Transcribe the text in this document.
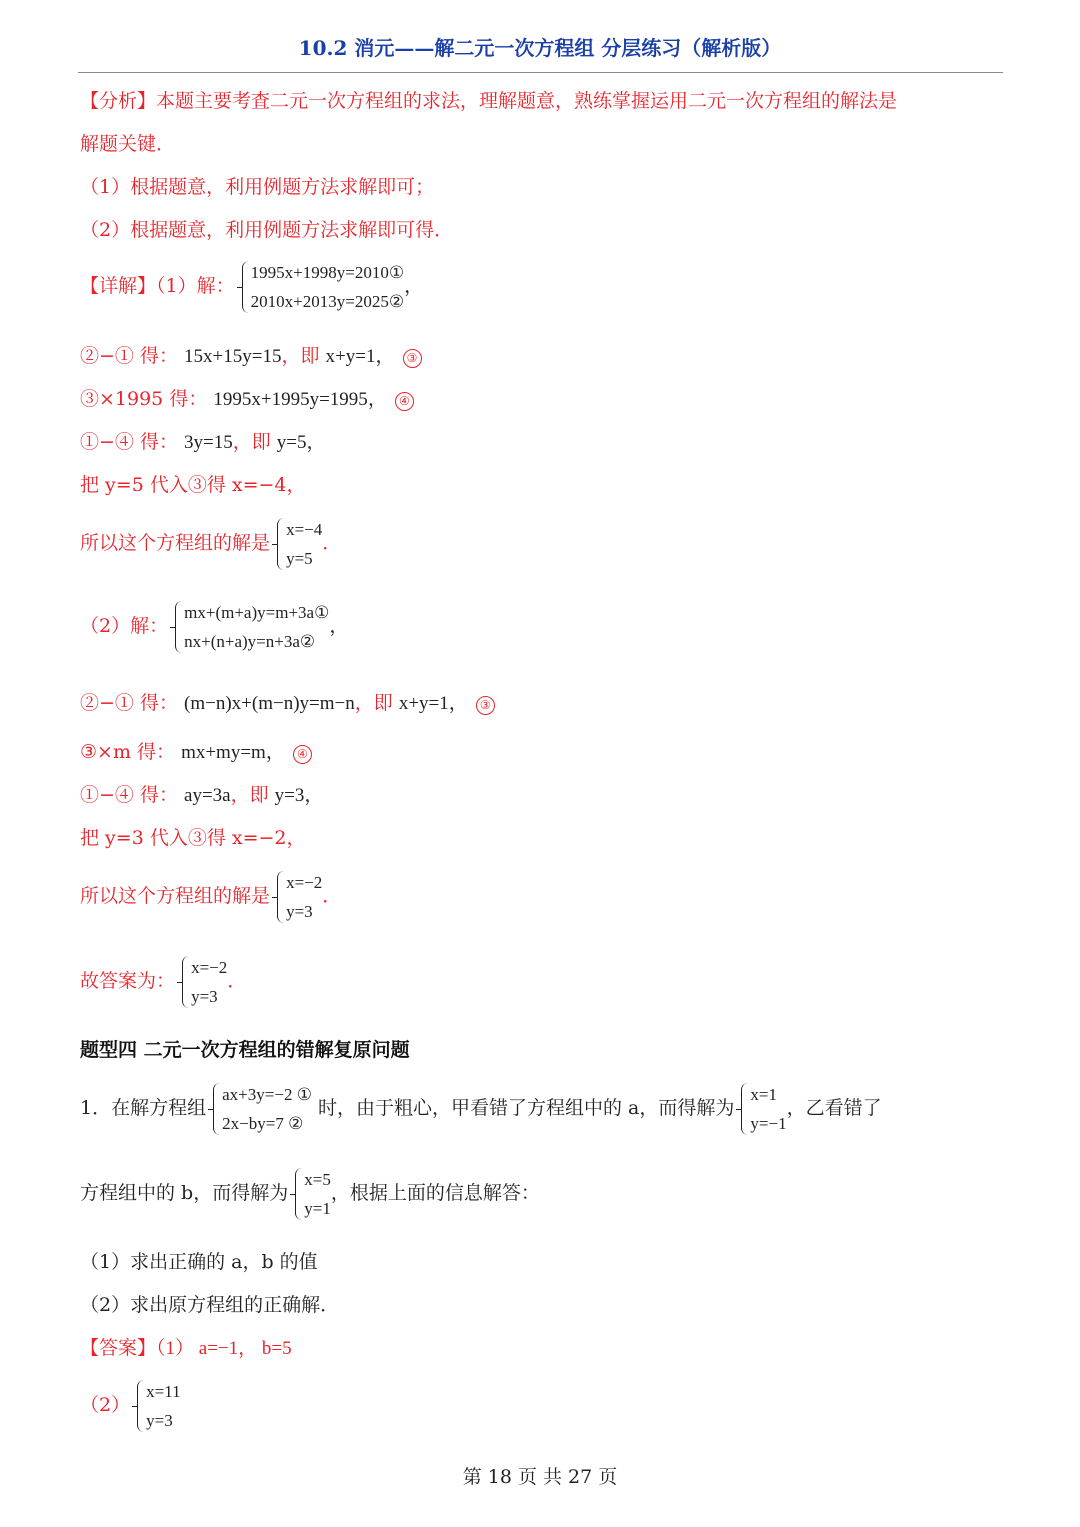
10.2 消元——解二元一次方程组 分层练习（解析版）
【分析】本题主要考査二元一次方程组的求法，理解题意，熟练掌握运用二元一次方程组的解法是
解题关键．
（1）根据题意，利用例题方法求解即可；
（2）根据题意，利用例题方法求解即可得．
【详解】（1）解：
1995x+1998y=2010①
2010x+2013y=2025②
，
②−① 得： 15x+15y=15，即 x+y=1， ③
③×1995 得： 1995x+1995y=1995， ④
①−④ 得： 3y=15，即 y=5，
把 y=5 代入③得 x=−4，
所以这个方程组的解是
x=−4
y=5
．
（2）解：
mx+(m+a)y=m+3a①
nx+(n+a)y=n+3a②
，
②−① 得： (m−n)x+(m−n)y=m−n，即 x+y=1， ③
③×m 得： mx+my=m， ④
①−④ 得： ay=3a，即 y=3，
把 y=3 代入③得 x=−2，
所以这个方程组的解是
x=−2
y=3
．
故答案为：
x=−2
y=3
．
题型四 二元一次方程组的错解复原问题
1．在解方程组
ax+3y=−2 ①
2x−by=7 ②
时，由于粗心，甲看错了方程组中的 a，而得解为
x=1
y=−1
，乙看错了
方程组中的 b，而得解为
x=5
y=1
，根据上面的信息解答：
（1）求出正确的 a，b 的值
（2）求出原方程组的正确解．
【答案】（1） a=−1， b=5
（2）
x=11
y=3
第 18 页 共 27 页
